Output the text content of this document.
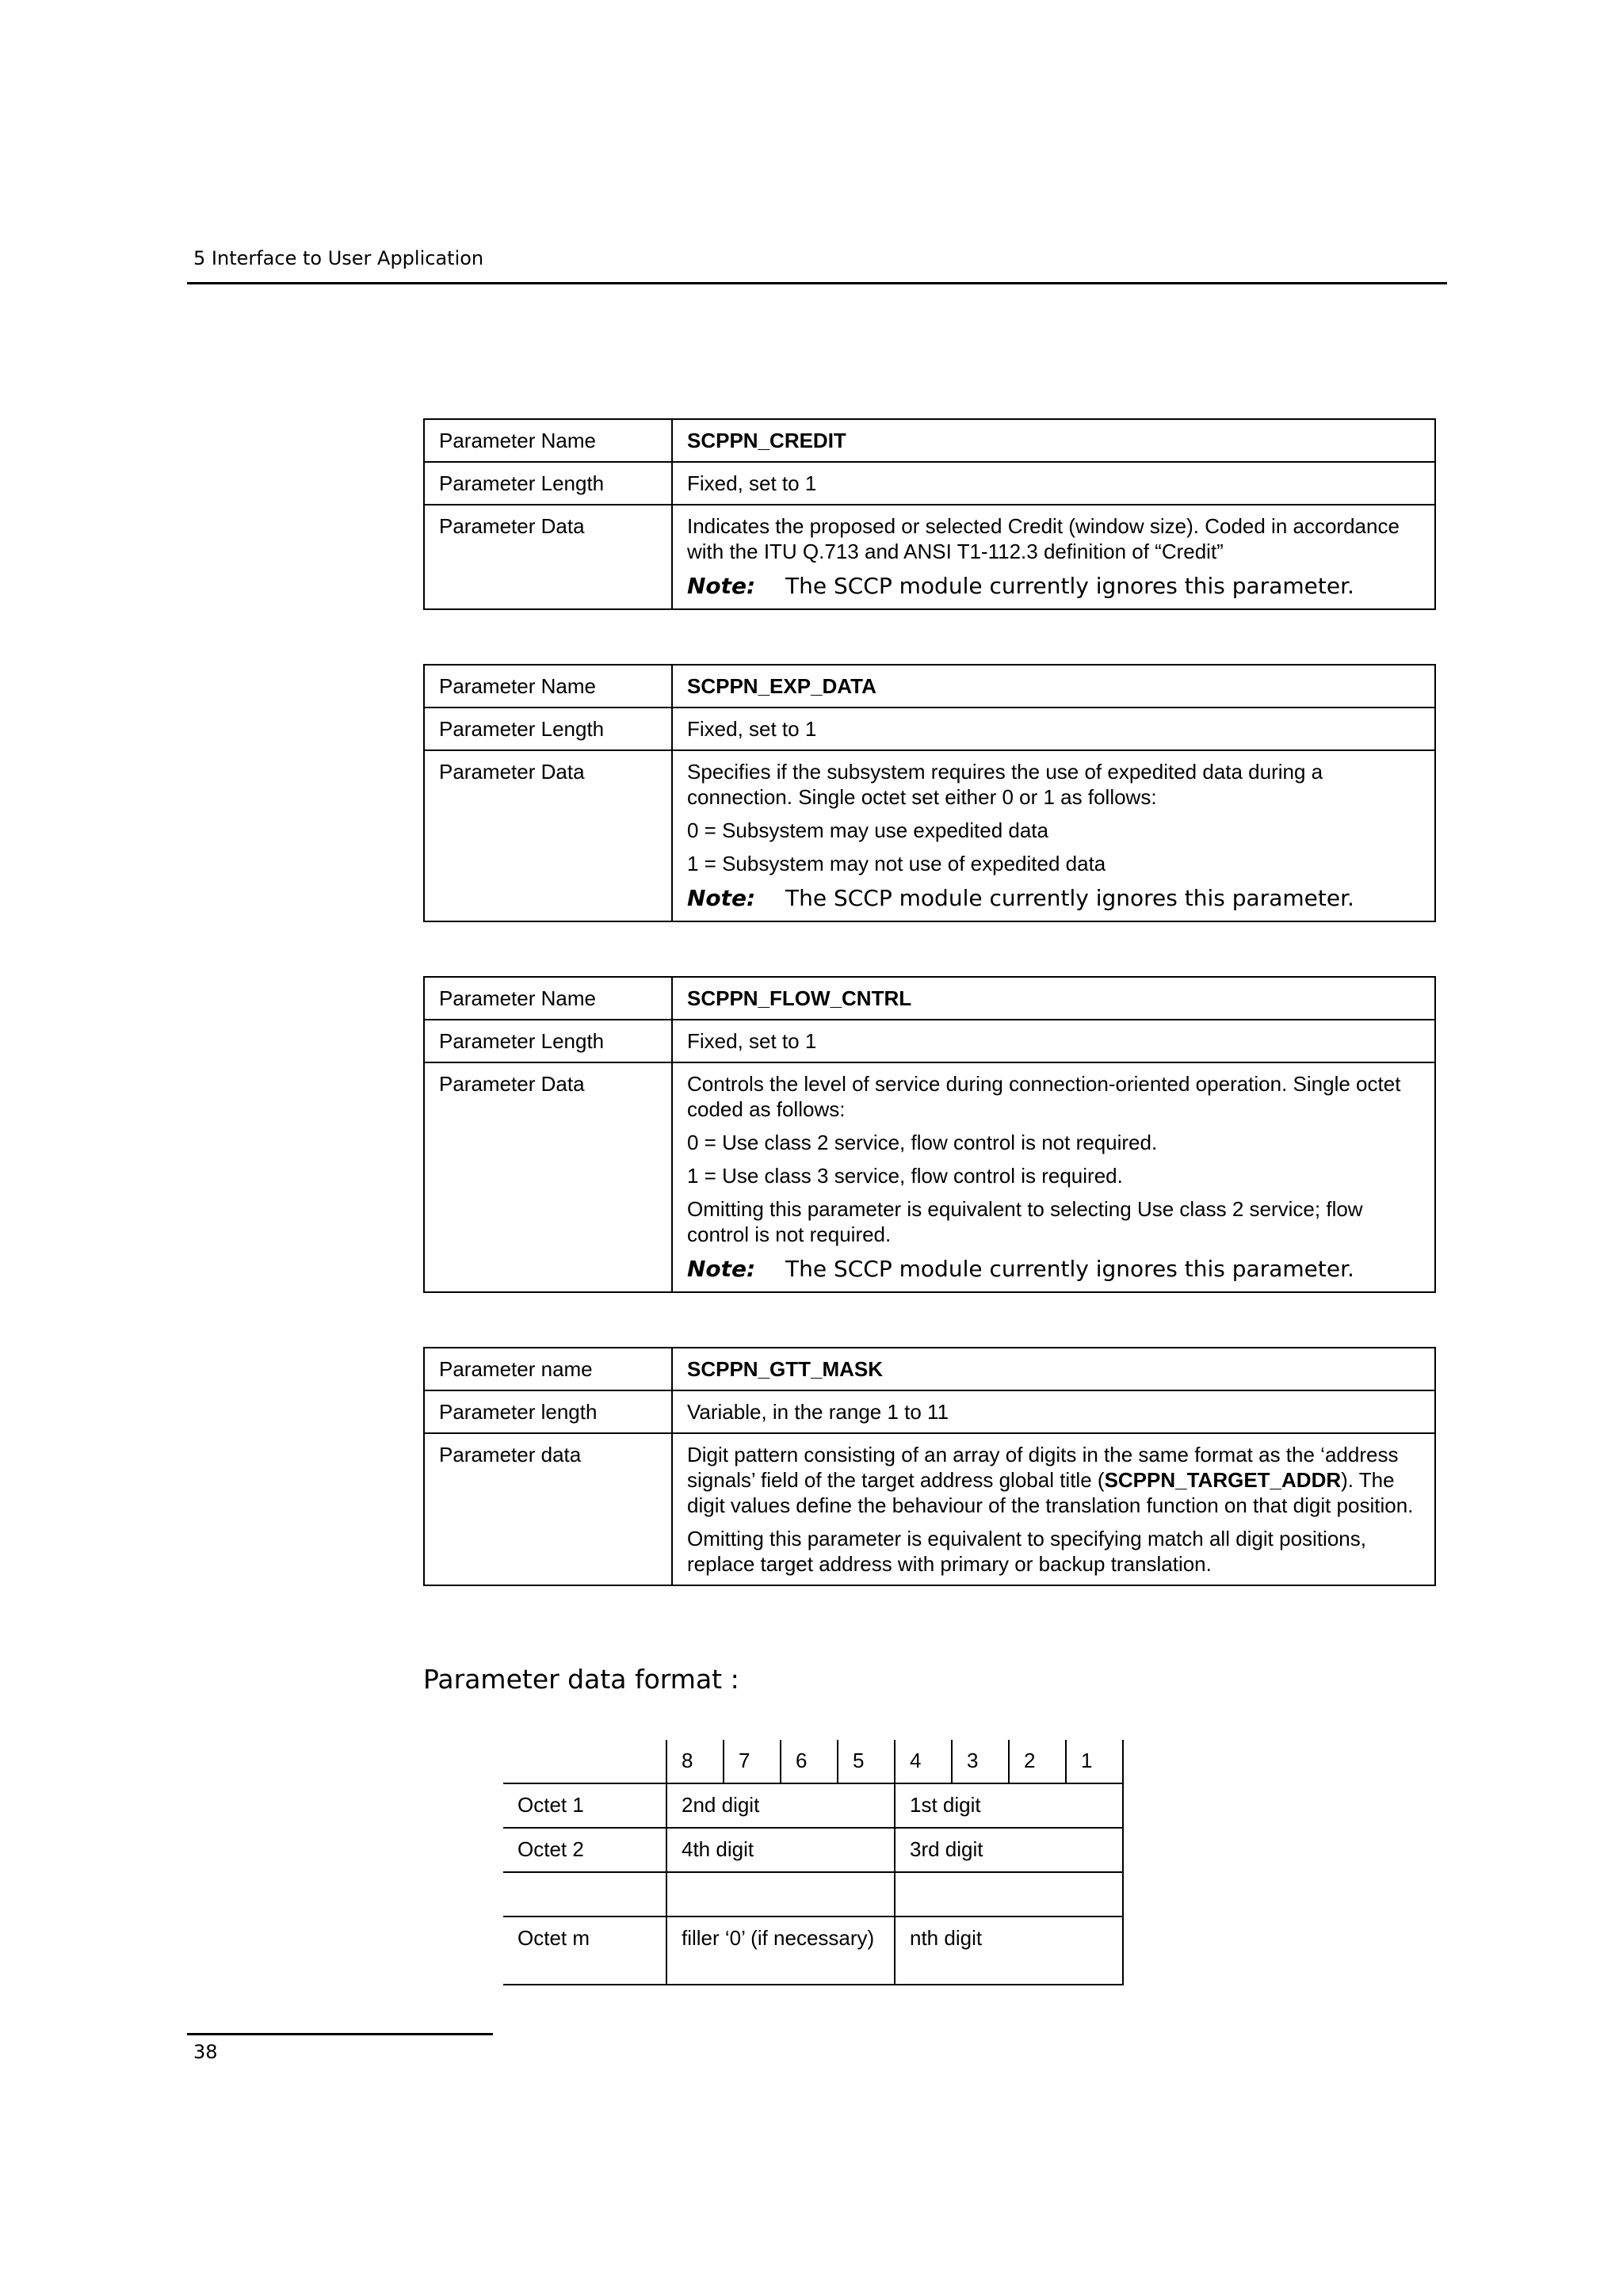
5 Interface to User Application
Parameter Name	SCPPN_CREDIT
Parameter Length	Fixed, set to 1
Parameter Data	Indicates the proposed or selected Credit (window size). Coded in accordance with the ITU Q.713 and ANSI T1-112.3 definition of “Credit”

Note: The SCCP module currently ignores this parameter.
Parameter Name	SCPPN_EXP_DATA
Parameter Length	Fixed, set to 1
Parameter Data	Specifies if the subsystem requires the use of expedited data during a connection. Single octet set either 0 or 1 as follows:

0 = Subsystem may use expedited data

1 = Subsystem may not use of expedited data

Note: The SCCP module currently ignores this parameter.
Parameter Name	SCPPN_FLOW_CNTRL
Parameter Length	Fixed, set to 1
Parameter Data	Controls the level of service during connection-oriented operation. Single octet coded as follows:

0 = Use class 2 service, flow control is not required.

1 = Use class 3 service, flow control is required.

Omitting this parameter is equivalent to selecting Use class 2 service; flow control is not required.

Note: The SCCP module currently ignores this parameter.
Parameter name	SCPPN_GTT_MASK
Parameter length	Variable, in the range 1 to 11
Parameter data	Digit pattern consisting of an array of digits in the same format as the ‘address signals’ field of the target address global title (SCPPN_TARGET_ADDR). The digit values define the behaviour of the translation function on that digit position.

Omitting this parameter is equivalent to specifying match all digit positions, replace target address with primary or backup translation.

Parameter data format :
	8	7	6	5	4	3	2	1
Octet 1	2nd digit				1st digit			
Octet 2	4th digit				3rd digit			

Octet m	filler ‘0’ (if necessary)				nth digit			
38
